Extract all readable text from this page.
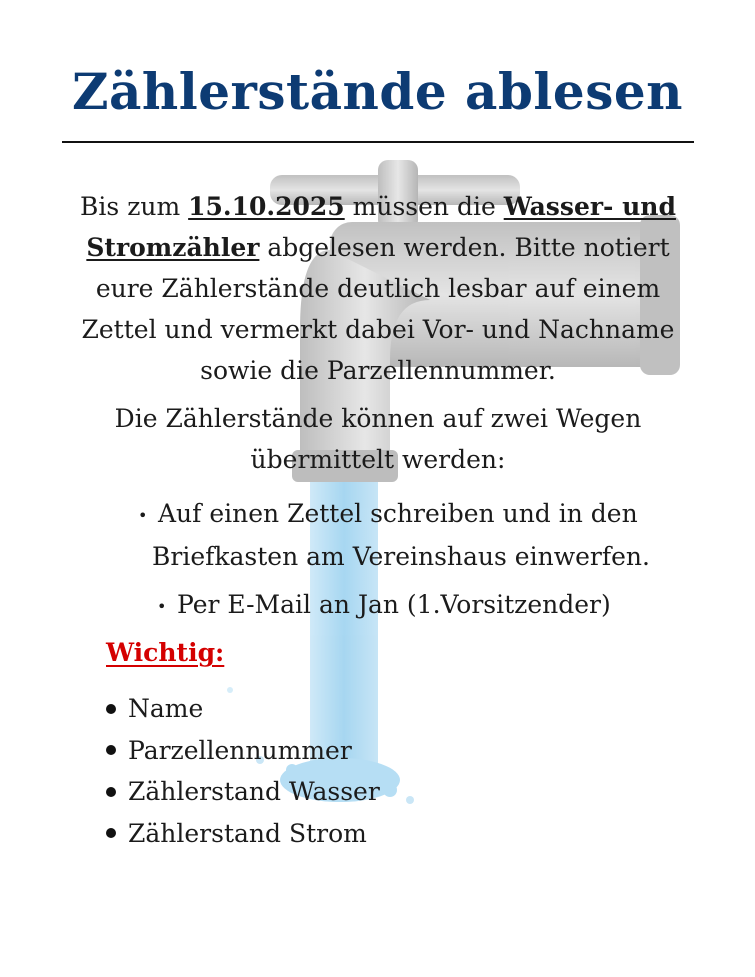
Zählerstände ablesen

Bis zum 15.10.2025 müssen die Wasser- und Stromzähler abgelesen werden. Bitte notiert eure Zählerstände deutlich lesbar auf einem Zettel und vermerkt dabei Vor- und Nachname sowie die Parzellennummer.

Die Zählerstände können auf zwei Wegen übermittelt werden:

• Auf einen Zettel schreiben und in den
Briefkasten am Vereinshaus einwerfen.
• Per E-Mail an Jan (1.Vorsitzender)

Wichtig:

Name
Parzellennummer
Zählerstand Wasser
Zählerstand Strom
